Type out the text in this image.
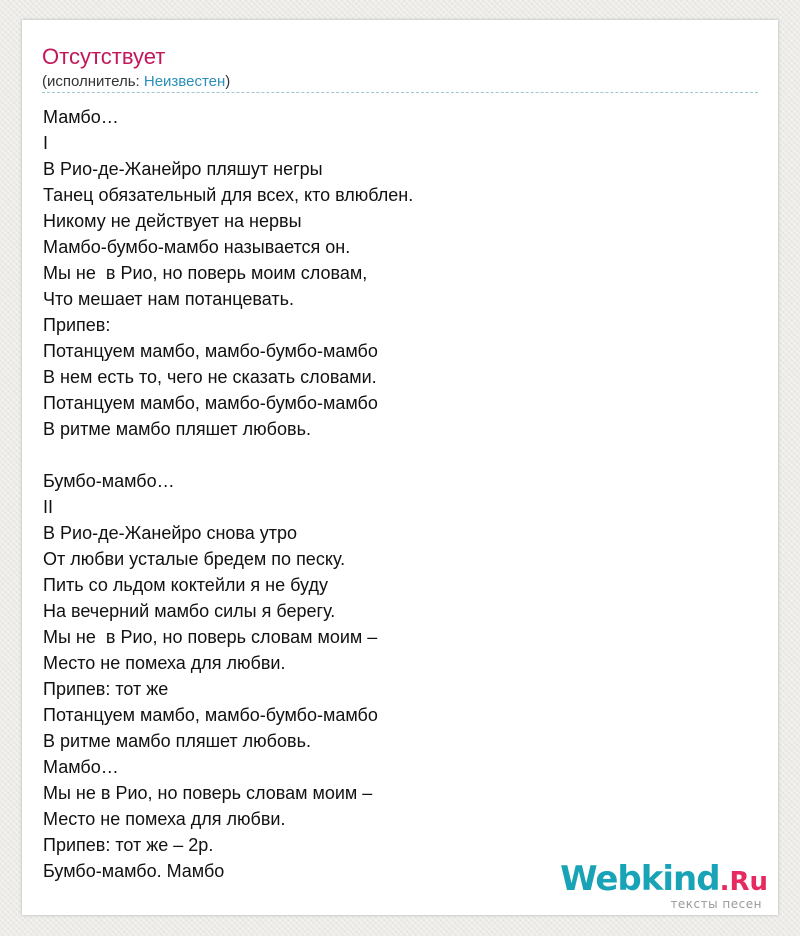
Отсутствует
(исполнитель: Неизвестен)
Мамбо…
I
В Рио-де-Жанейро пляшут негры
Танец обязательный для всех, кто влюблен.
Никому не действует на нервы
Мамбо-бумбо-мамбо называется он.
Мы не  в Рио, но поверь моим словам,
Что мешает нам потанцевать.
Припев:
Потанцуем мамбо, мамбо-бумбо-мамбо
В нем есть то, чего не сказать словами.
Потанцуем мамбо, мамбо-бумбо-мамбо
В ритме мамбо пляшет любовь.
Бумбо-мамбо…
II
В Рио-де-Жанейро снова утро
От любви усталые бредем по песку.
Пить со льдом коктейли я не буду
На вечерний мамбо силы я берегу.
Мы не  в Рио, но поверь словам моим –
Место не помеха для любви.
Припев: тот же
Потанцуем мамбо, мамбо-бумбо-мамбо
В ритме мамбо пляшет любовь.
Мамбо…
Мы не в Рио, но поверь словам моим –
Место не помеха для любви.
Припев: тот же – 2р.
Бумбо-мамбо. Мамбо	Webkind.Ru
тексты песен
